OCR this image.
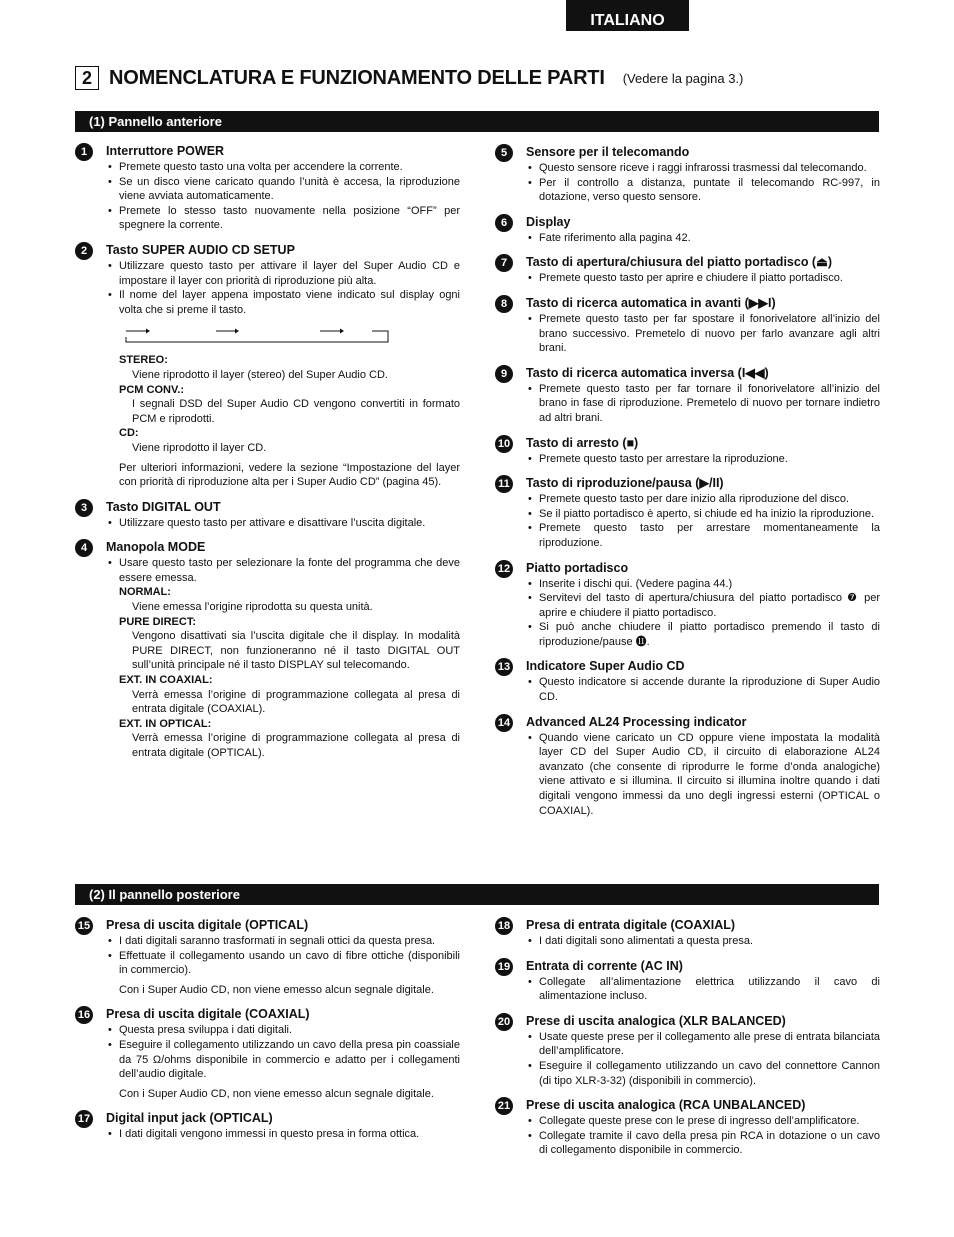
ITALIANO
2 NOMENCLATURA E FUNZIONAMENTO DELLE PARTI (Vedere la pagina 3.)
(1) Pannello anteriore
1	Interruttore POWER
• Premete questo tasto una volta per accendere la corrente.
• Se un disco viene caricato quando l’unità è accesa, la riproduzione viene avviata automaticamente.
• Premete lo stesso tasto nuovamente nella posizione “OFF” per spegnere la corrente.
2	Tasto SUPER AUDIO CD SETUP
• Utilizzare questo tasto per attivare il layer del Super Audio CD e impostare il layer con priorità di riproduzione più alta.
• Il nome del layer appena impostato viene indicato sul display ogni volta che si preme il tasto.
STEREO:
Viene riprodotto il layer (stereo) del Super Audio CD.
PCM CONV.:
I segnali DSD del Super Audio CD vengono convertiti in formato PCM e riprodotti.
CD:
Viene riprodotto il layer CD.
Per ulteriori informazioni, vedere la sezione “Impostazione del layer con priorità di riproduzione alta per i Super Audio CD” (pagina 45).
3	Tasto DIGITAL OUT
• Utilizzare questo tasto per attivare e disattivare l’uscita digitale.
4	Manopola MODE
• Usare questo tasto per selezionare la fonte del programma che deve essere emessa.
NORMAL:
Viene emessa l’origine riprodotta su questa unità.
PURE DIRECT:
Vengono disattivati sia l’uscita digitale che il display. In modalità PURE DIRECT, non funzioneranno né il tasto DIGITAL OUT sull’unità principale né il tasto DISPLAY sul telecomando.
EXT. IN COAXIAL:
Verrà emessa l’origine di programmazione collegata al presa di entrata digitale (COAXIAL).
EXT. IN OPTICAL:
Verrà emessa l’origine di programmazione collegata al presa di entrata digitale (OPTICAL).
5	Sensore per il telecomando
• Questo sensore riceve i raggi infrarossi trasmessi dal telecomando.
• Per il controllo a distanza, puntate il telecomando RC-997, in dotazione, verso questo sensore.
6	Display
• Fate riferimento alla pagina 42.
7	Tasto di apertura/chiusura del piatto portadisco (⏏)
• Premete questo tasto per aprire e chiudere il piatto portadisco.
8	Tasto di ricerca automatica in avanti (▶▶I)
• Premete questo tasto per far spostare il fonorivelatore all’inizio del brano successivo. Premetelo di nuovo per farlo avanzare agli altri brani.
9	Tasto di ricerca automatica inversa (I◀◀)
• Premete questo tasto per far tornare il fonorivelatore all’inizio del brano in fase di riproduzione. Premetelo di nuovo per tornare indietro ad altri brani.
10 Tasto di arresto (■)
• Premete questo tasto per arrestare la riproduzione.
11 Tasto di riproduzione/pausa (▶/II)
• Premete questo tasto per dare inizio alla riproduzione del disco.
• Se il piatto portadisco è aperto, si chiude ed ha inizio la riproduzione.
• Premete questo tasto per arrestare momentaneamente la riproduzione.
12 Piatto portadisco
• Inserite i dischi qui. (Vedere pagina 44.)
• Servitevi del tasto di apertura/chiusura del piatto portadisco ❼ per aprire e chiudere il piatto portadisco.
• Si può anche chiudere il piatto portadisco premendo il tasto di riproduzione/pause ⓫.
13 Indicatore Super Audio CD
• Questo indicatore si accende durante la riproduzione di Super Audio CD.
14 Advanced AL24 Processing indicator
• Quando viene caricato un CD oppure viene impostata la modalità layer CD del Super Audio CD, il circuito di elaborazione AL24 avanzato (che consente di riprodurre le forme d’onda analogiche) viene attivato e si illumina. Il circuito si illumina inoltre quando i dati digitali vengono immessi da uno degli ingressi esterni (OPTICAL o COAXIAL).
(2) Il pannello posteriore
15 Presa di uscita digitale (OPTICAL)
• I dati digitali saranno trasformati in segnali ottici da questa presa.
• Effettuate il collegamento usando un cavo di fibre ottiche (disponibili in commercio).
Con i Super Audio CD, non viene emesso alcun segnale digitale.
16 Presa di uscita digitale (COAXIAL)
• Questa presa sviluppa i dati digitali.
• Eseguire il collegamento utilizzando un cavo della presa pin coassiale da 75 Ω/ohms disponibile in commercio e adatto per i collegamenti dell’audio digitale.
Con i Super Audio CD, non viene emesso alcun segnale digitale.
17 Digital input jack (OPTICAL)
• I dati digitali vengono immessi in questo presa in forma ottica.
18 Presa di entrata digitale (COAXIAL)
• I dati digitali sono alimentati a questa presa.
19 Entrata di corrente (AC IN)
• Collegate all’alimentazione elettrica utilizzando il cavo di alimentazione incluso.
20 Prese di uscita analogica (XLR BALANCED)
• Usate queste prese per il collegamento alle prese di entrata bilanciata dell’amplificatore.
• Eseguire il collegamento utilizzando un cavo del connettore Cannon (di tipo XLR-3-32) (disponibili in commercio).
21 Prese di uscita analogica (RCA UNBALANCED)
• Collegate queste prese con le prese di ingresso dell’amplificatore.
• Collegate tramite il cavo della presa pin RCA in dotazione o un cavo di collegamento disponibile in commercio.
